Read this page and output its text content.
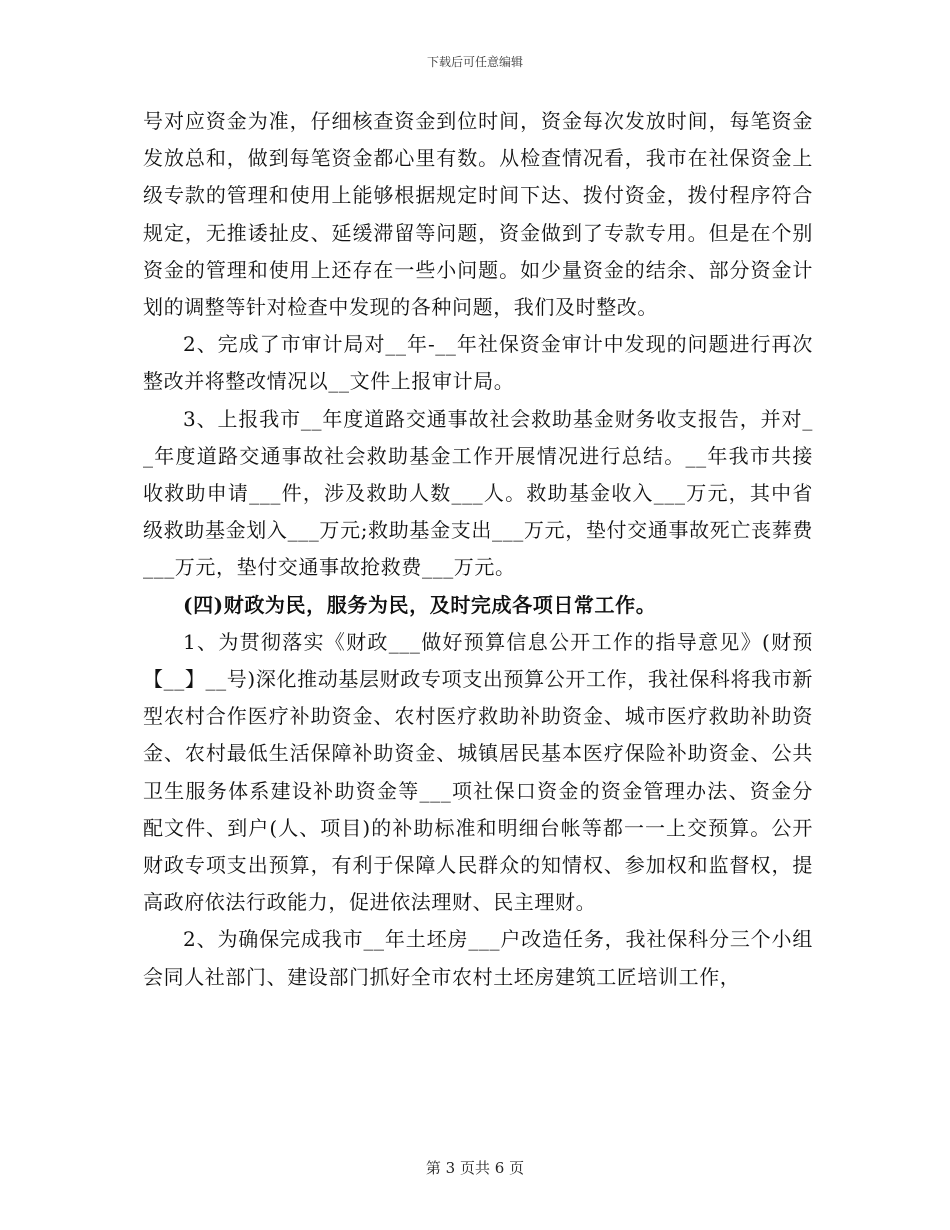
下载后可任意编辑

号对应资金为准，仔细核查资金到位时间，资金每次发放时间，每笔资金发放总和，做到每笔资金都心里有数。从检查情况看，我市在社保资金上级专款的管理和使用上能够根据规定时间下达、拨付资金，拨付程序符合规定，无推诿扯皮、延缓滞留等问题，资金做到了专款专用。但是在个别资金的管理和使用上还存在一些小问题。如少量资金的结余、部分资金计划的调整等针对检查中发现的各种问题，我们及时整改。

2、完成了市审计局对__年-__年社保资金审计中发现的问题进行再次整改并将整改情况以__文件上报审计局。

3、上报我市__年度道路交通事故社会救助基金财务收支报告，并对__年度道路交通事故社会救助基金工作开展情况进行总结。__年我市共接收救助申请___件，涉及救助人数___人。救助基金收入___万元，其中省级救助基金划入___万元;救助基金支出___万元，垫付交通事故死亡丧葬费___万元，垫付交通事故抢救费___万元。

(四)财政为民，服务为民，及时完成各项日常工作。

1、为贯彻落实《财政___做好预算信息公开工作的指导意见》(财预【__】__号)深化推动基层财政专项支出预算公开工作，我社保科将我市新型农村合作医疗补助资金、农村医疗救助补助资金、城市医疗救助补助资金、农村最低生活保障补助资金、城镇居民基本医疗保险补助资金、公共卫生服务体系建设补助资金等___项社保口资金的资金管理办法、资金分配文件、到户(人、项目)的补助标准和明细台帐等都一一上交预算。公开财政专项支出预算，有利于保障人民群众的知情权、参加权和监督权，提高政府依法行政能力，促进依法理财、民主理财。

2、为确保完成我市__年土坯房___户改造任务，我社保科分三个小组会同人社部门、建设部门抓好全市农村土坯房建筑工匠培训工作，

第 3 页共 6 页
